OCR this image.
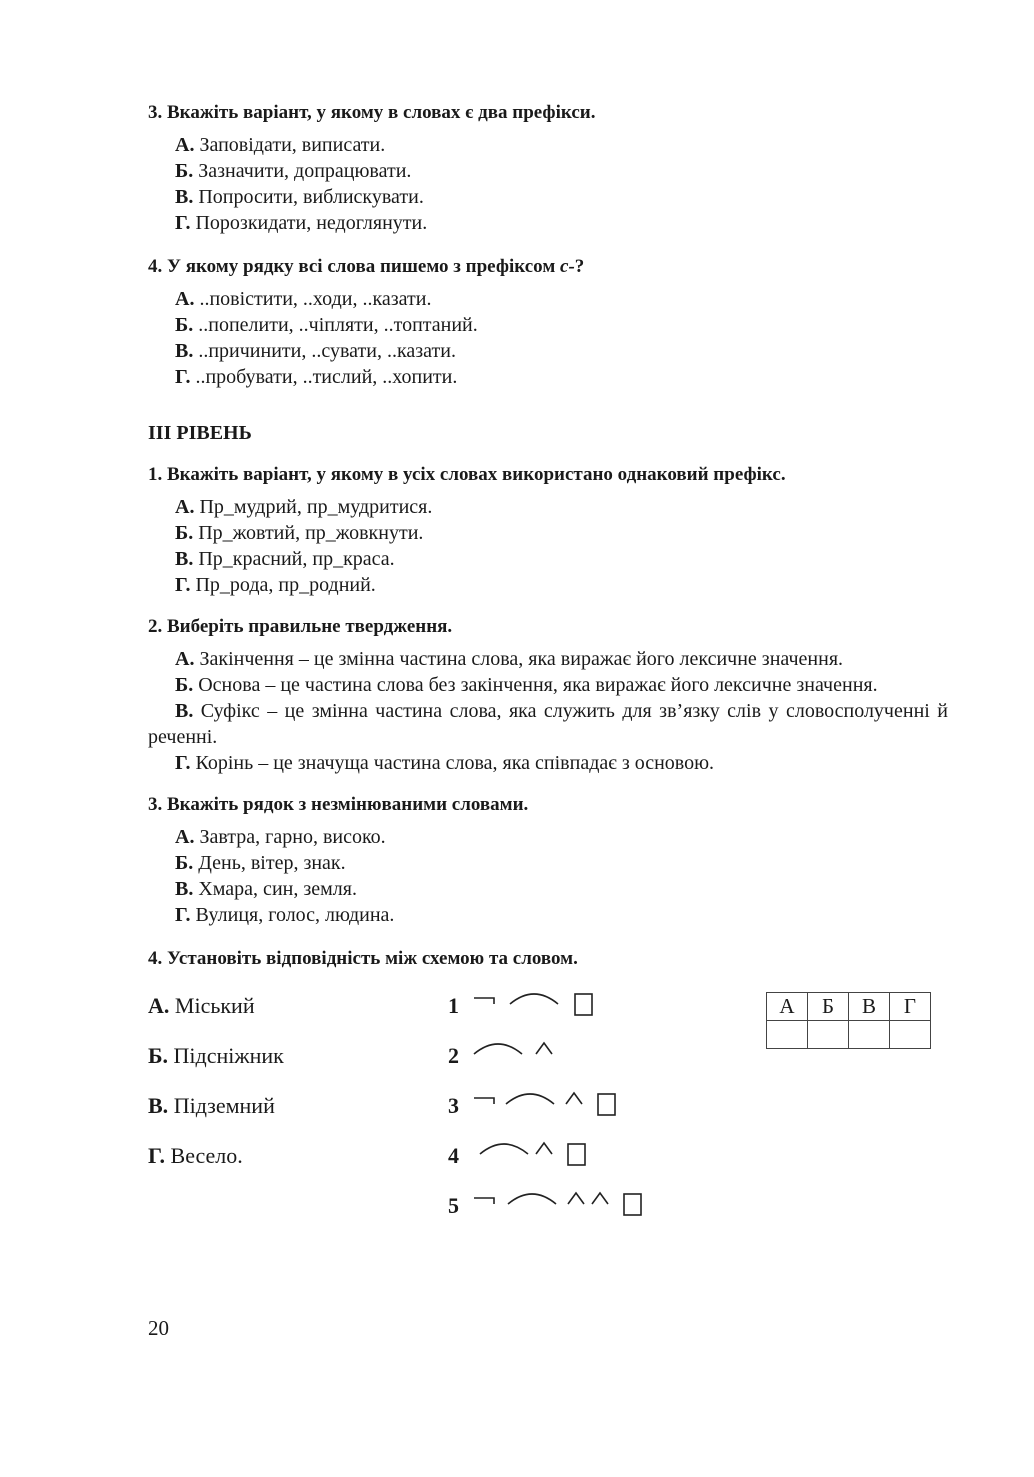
3. Вкажіть варіант, у якому в словах є два префікси.

А. Заповідати, виписати.

Б. Зазначити, допрацювати.

В. Попросити, виблискувати.

Г. Порозкидати, недоглянути.

4. У якому рядку всі слова пишемо з префіксом с-?

А. ..повістити, ..ходи, ..казати.

Б. ..попелити, ..чіпляти, ..топтаний.

В. ..причинити, ..сувати, ..казати.

Г. ..пробувати, ..тислий, ..хопити.

ІІІ РІВЕНЬ

1. Вкажіть варіант, у якому в усіх словах використано однаковий префікс.

А. Пр_мудрий, пр_мудритися.

Б. Пр_жовтий, пр_жовкнути.

В. Пр_красний, пр_краса.

Г. Пр_рода, пр_родний.

2. Виберіть правильне твердження.

А. Закінчення – це змінна частина слова, яка виражає його лексичне значення.

Б. Основа – це частина слова без закінчення, яка виражає його лексичне значення.

В. Суфікс – це змінна частина слова, яка служить для зв’язку слів у словосполученні й реченні.

Г. Корінь – це значуща частина слова, яка співпадає з основою.

3. Вкажіть рядок з незмінюваними словами.

А. Завтра, гарно, високо.

Б. День, вітер, знак.

В. Хмара, син, земля.

Г. Вулиця, голос, людина.

4. Установіть відповідність між схемою та словом.

А. Міський
Б. Підсніжник
В. Підземний
Г. Весело.
1
2
3
4
5
А	Б	В	Г

20
